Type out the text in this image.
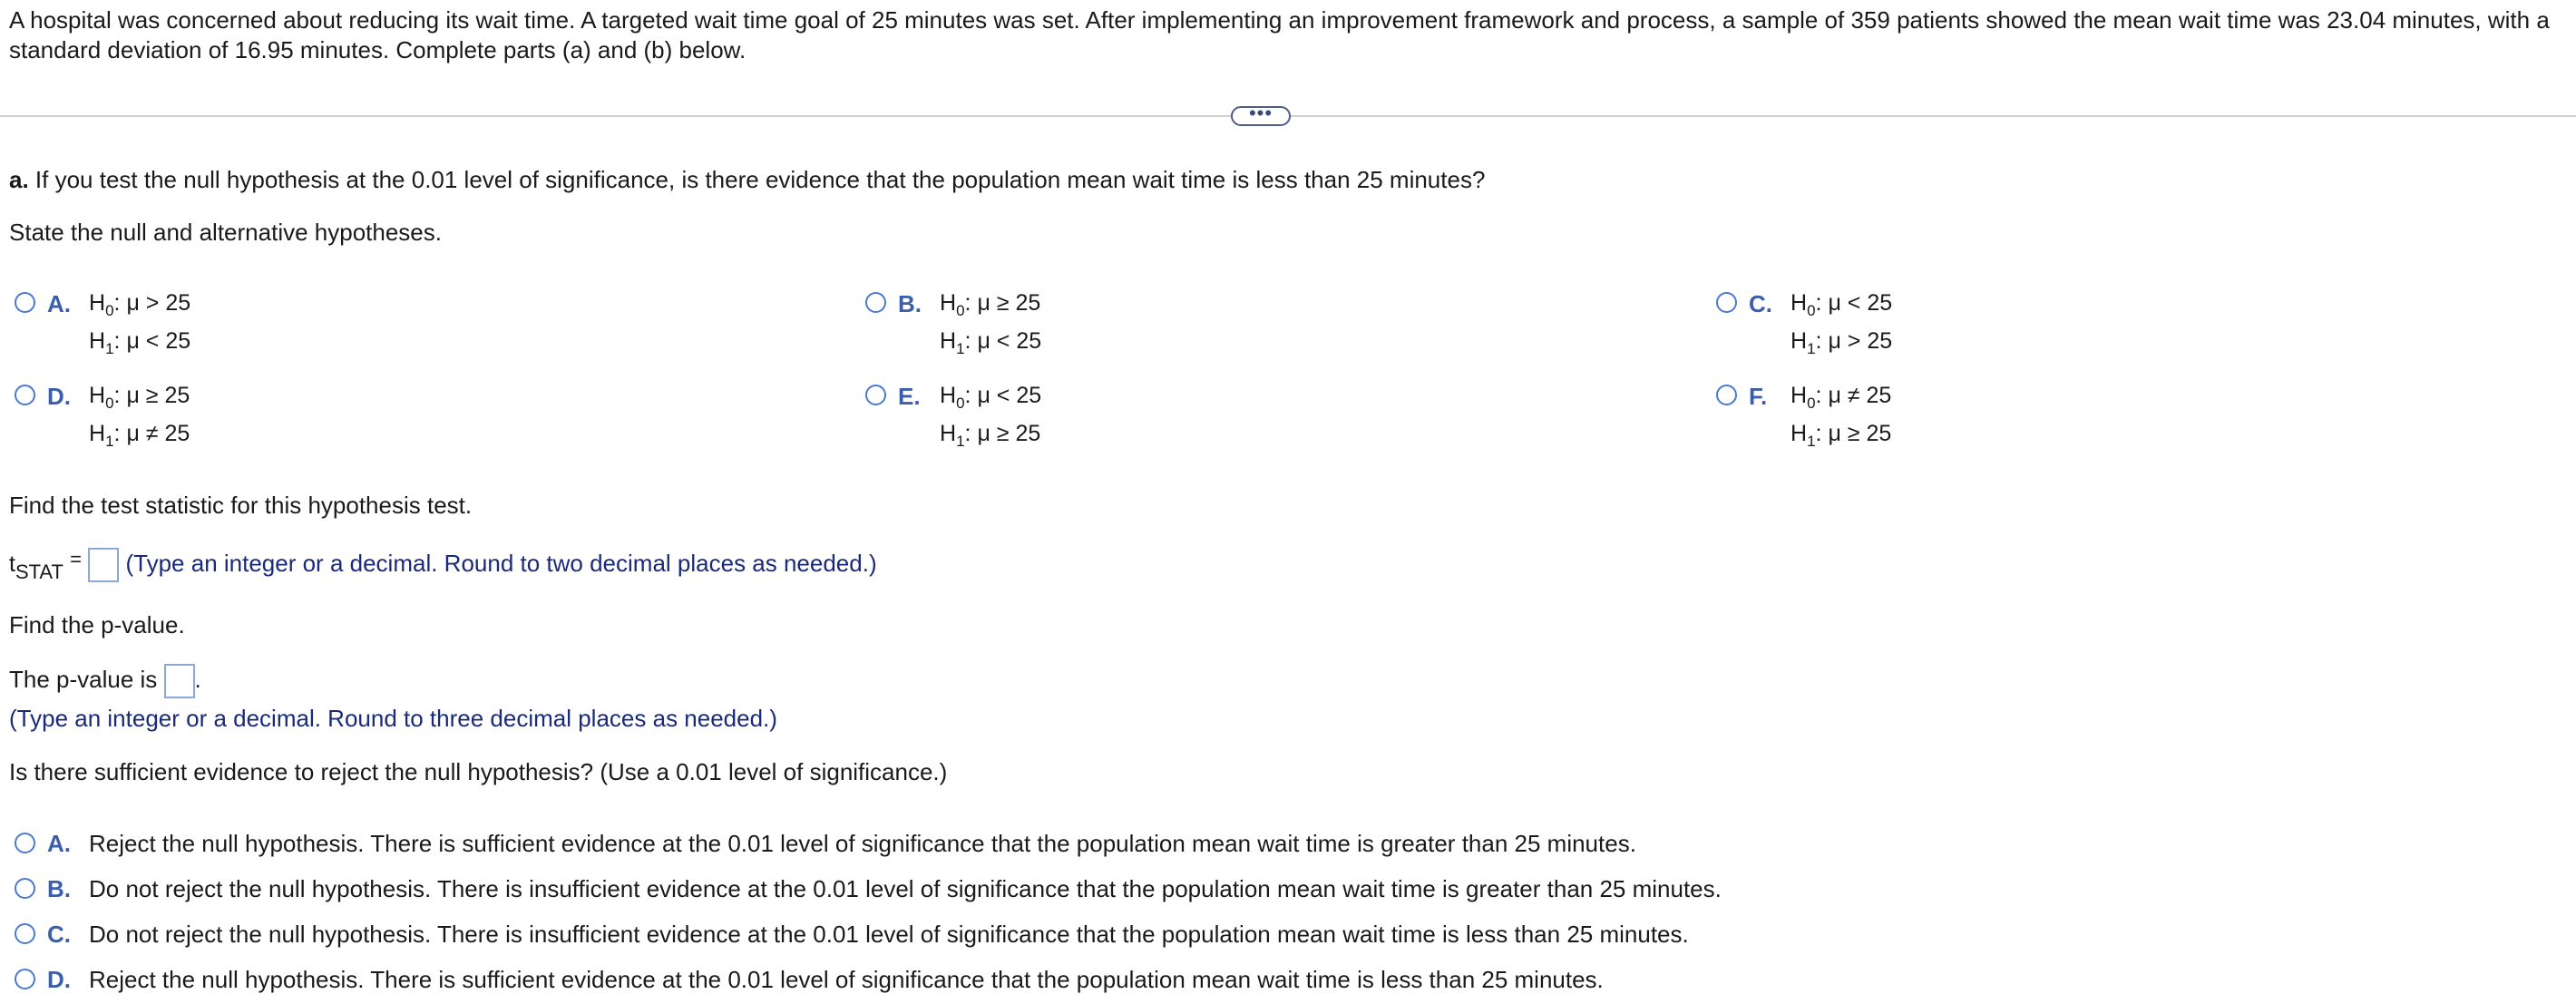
A hospital was concerned about reducing its wait time. A targeted wait time goal of 25 minutes was set. After implementing an improvement framework and process, a sample of 359 patients showed the mean wait time was 23.04 minutes, with a standard deviation of 16.95 minutes. Complete parts (a) and (b) below.
•••
a. If you test the null hypothesis at the 0.01 level of significance, is there evidence that the population mean wait time is less than 25 minutes?
State the null and alternative hypotheses.
A. $H_0$: μ > 25
$H_1$: μ < 25
B. $H_0$: μ ≥ 25
$H_1$: μ < 25
C. $H_0$: μ < 25
$H_1$: μ > 25
D. $H_0$: μ ≥ 25
$H_1$: μ ≠ 25
E. $H_0$: μ < 25
$H_1$: μ ≥ 25
F. $H_0$: μ ≠ 25
$H_1$: μ ≥ 25
Find the test statistic for this hypothesis test.
$t_{STAT}$ = (Type an integer or a decimal. Round to two decimal places as needed.)
Find the p-value.
The p-value is .
(Type an integer or a decimal. Round to three decimal places as needed.)
Is there sufficient evidence to reject the null hypothesis? (Use a 0.01 level of significance.)
A. Reject the null hypothesis. There is sufficient evidence at the 0.01 level of significance that the population mean wait time is greater than 25 minutes.
B. Do not reject the null hypothesis. There is insufficient evidence at the 0.01 level of significance that the population mean wait time is greater than 25 minutes.
C. Do not reject the null hypothesis. There is insufficient evidence at the 0.01 level of significance that the population mean wait time is less than 25 minutes.
D. Reject the null hypothesis. There is sufficient evidence at the 0.01 level of significance that the population mean wait time is less than 25 minutes.
